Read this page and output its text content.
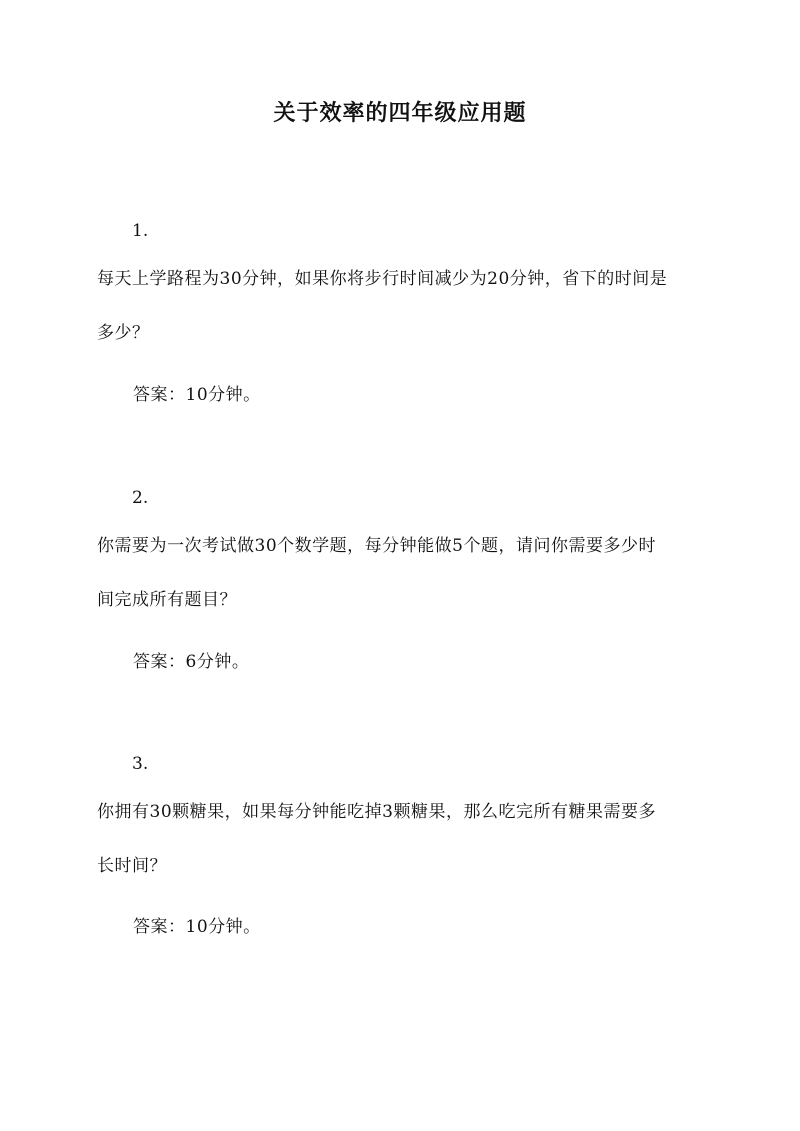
关于效率的四年级应用题
1.
每天上学路程为30分钟，如果你将步行时间减少为20分钟，省下的时间是
多少？
答案：10分钟。
2.
你需要为一次考试做30个数学题，每分钟能做5个题，请问你需要多少时
间完成所有题目？
答案：6分钟。
3.
你拥有30颗糖果，如果每分钟能吃掉3颗糖果，那么吃完所有糖果需要多
长时间？
答案：10分钟。
